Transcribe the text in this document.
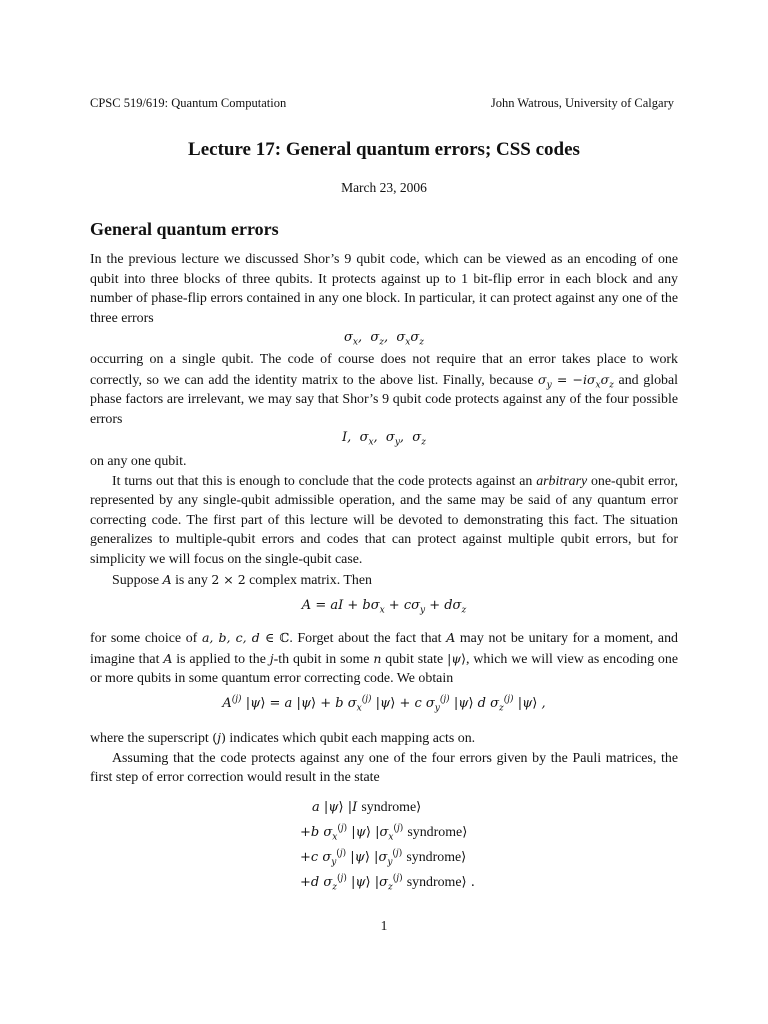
CPSC 519/619: Quantum Computation	John Watrous, University of Calgary
Lecture 17: General quantum errors; CSS codes
March 23, 2006
General quantum errors

In the previous lecture we discussed Shor’s 9 qubit code, which can be viewed as an encoding of one qubit into three blocks of three qubits. It protects against up to 1 bit-flip error in each block and any number of phase-flip errors contained in any one block. In particular, it can protect against any one of the three errors

$\sigma_x$,  $\sigma_z$,  $\sigma_x\sigma_z$

occurring on a single qubit. The code of course does not require that an error takes place to work correctly, so we can add the identity matrix to the above list. Finally, because $\sigma_y = -i\sigma_x\sigma_z$ and global phase factors are irrelevant, we may say that Shor’s 9 qubit code protects against any of the four possible errors

I,  $\sigma_x$,  $\sigma_y$,  $\sigma_z$

on any one qubit.

It turns out that this is enough to conclude that the code protects against an arbitrary one-qubit error, represented by any single-qubit admissible operation, and the same may be said of any quantum error correcting code. The first part of this lecture will be devoted to demonstrating this fact. The situation generalizes to multiple-qubit errors and codes that can protect against multiple qubit errors, but for simplicity we will focus on the single-qubit case.

Suppose A is any 2 × 2 complex matrix. Then

A = aI + $b\sigma_x + c\sigma_y + d\sigma_z$

for some choice of a, b, c, d ∈ ℂ. Forget about the fact that A may not be unitary for a moment, and imagine that A is applied to the j-th qubit in some n qubit state |ψ⟩, which we will view as encoding one or more qubits in some quantum error correcting code. We obtain

$A^{(j)}$ |ψ⟩ = a |ψ⟩ + b $\sigma_x^{(j)}$ |ψ⟩ + c $\sigma_y^{(j)}$ |ψ⟩ d $\sigma_z^{(j)}$ |ψ⟩ ,

where the superscript (j) indicates which qubit each mapping acts on.

Assuming that the code protects against any one of the four errors given by the Pauli matrices, the first step of error correction would result in the state

a |ψ⟩ |I syndrome⟩
+b $\sigma_x^{(j)}$ |ψ⟩ $|\sigma_x^{(j)}$ syndrome⟩
+c $\sigma_y^{(j)}$ |ψ⟩ $|\sigma_y^{(j)}$ syndrome⟩
+d $\sigma_z^{(j)}$ |ψ⟩ $|\sigma_z^{(j)}$ syndrome⟩ .
1
